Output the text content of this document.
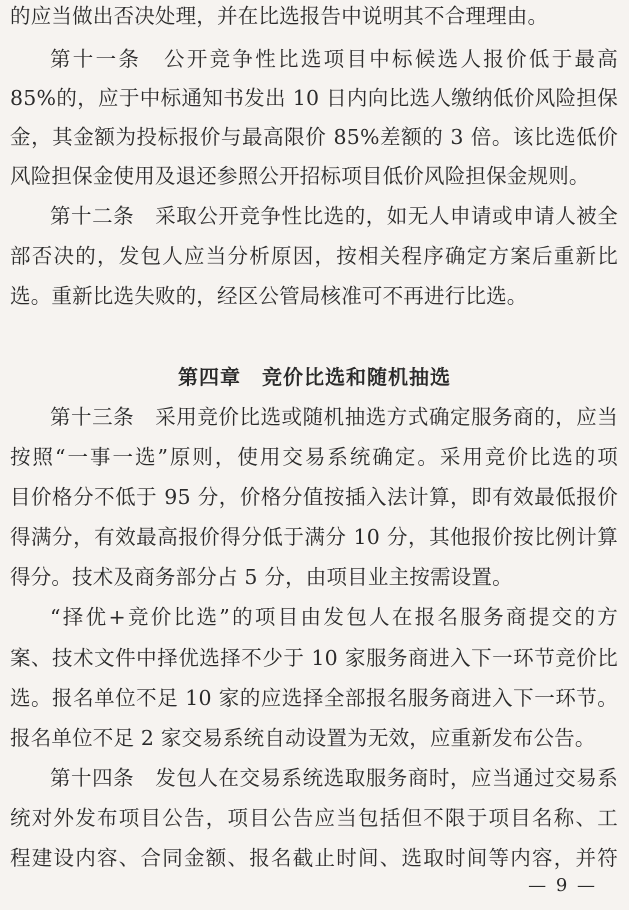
的应当做出否决处理，并在比选报告中说明其不合理理由。
第十一条　公开竞争性比选项目中标候选人报价低于最高
85%的，应于中标通知书发出 10 日内向比选人缴纳低价风险担保
金，其金额为投标报价与最高限价 85%差额的 3 倍。该比选低价
风险担保金使用及退还参照公开招标项目低价风险担保金规则。
第十二条　采取公开竞争性比选的，如无人申请或申请人被全
部否决的，发包人应当分析原因，按相关程序确定方案后重新比
选。重新比选失败的，经区公管局核准可不再进行比选。
第四章　竞价比选和随机抽选
第十三条　采用竞价比选或随机抽选方式确定服务商的，应当
按照“一事一选”原则，使用交易系统确定。采用竞价比选的项
目价格分不低于 95 分，价格分值按插入法计算，即有效最低报价
得满分，有效最高报价得分低于满分 10 分，其他报价按比例计算
得分。技术及商务部分占 5 分，由项目业主按需设置。
“择优+竞价比选”的项目由发包人在报名服务商提交的方
案、技术文件中择优选择不少于 10 家服务商进入下一环节竞价比
选。报名单位不足 10 家的应选择全部报名服务商进入下一环节。
报名单位不足 2 家交易系统自动设置为无效，应重新发布公告。
第十四条　发包人在交易系统选取服务商时，应当通过交易系
统对外发布项目公告，项目公告应当包括但不限于项目名称、工
程建设内容、合同金额、报名截止时间、选取时间等内容，并符
— 9 —
